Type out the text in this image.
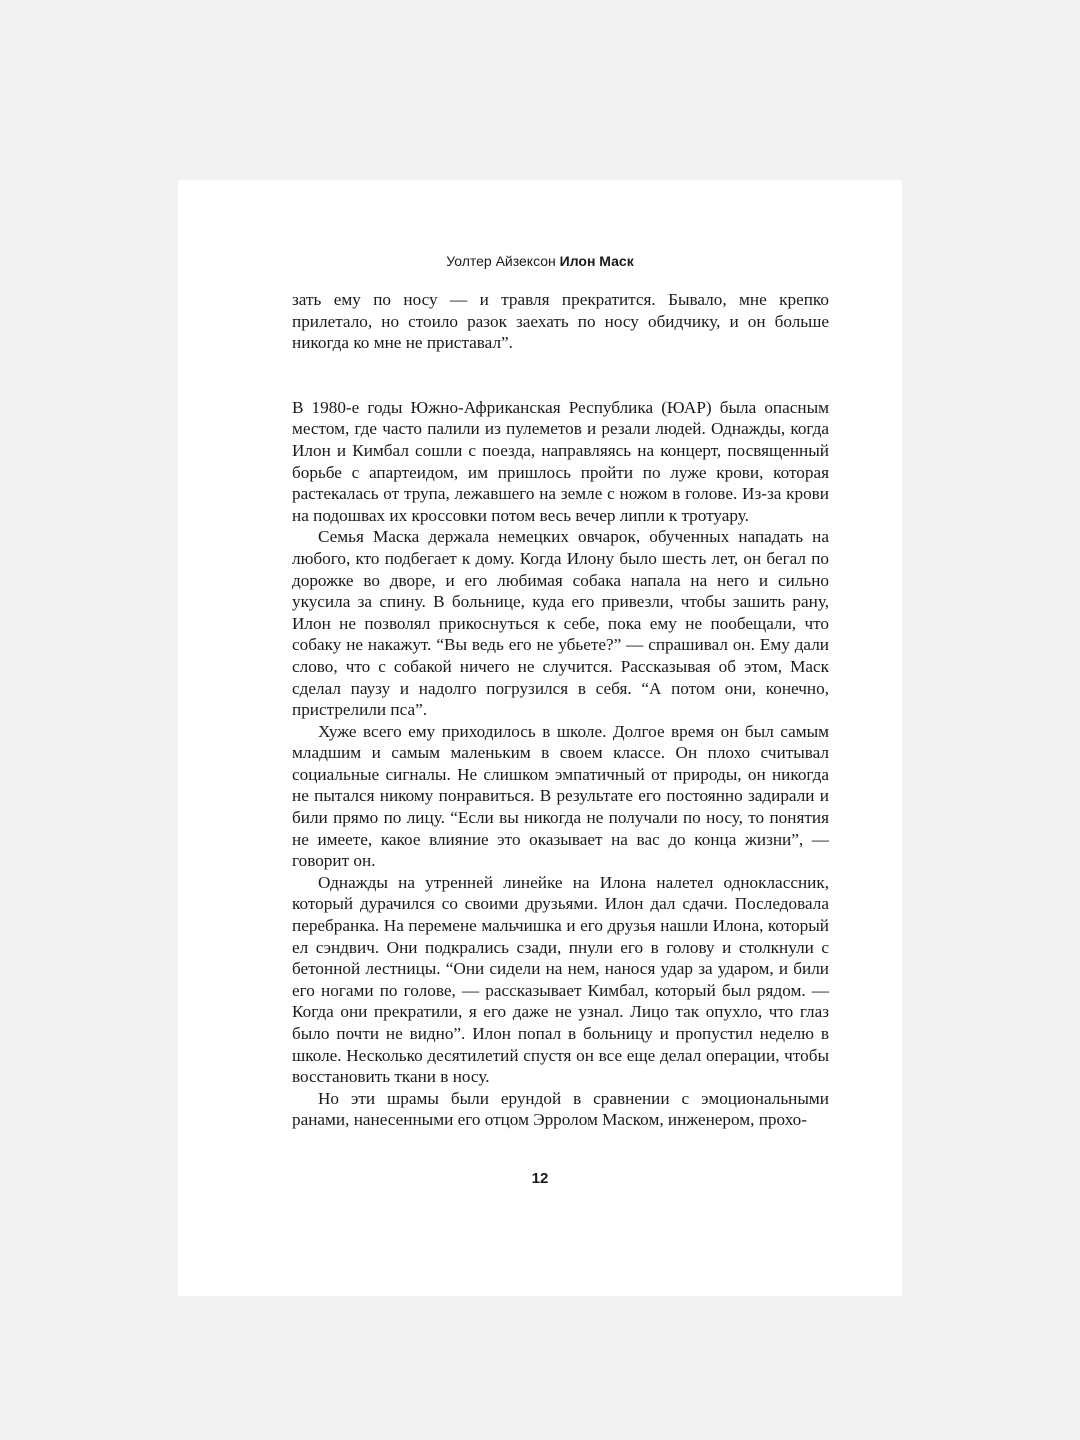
Уолтер Айзексон Илон Маск

зать ему по носу — и травля прекратится. Бывало, мне крепко прилетало, но стоило разок заехать по носу обидчику, и он больше никогда ко мне не приставал”.

В 1980-е годы Южно-Африканская Республика (ЮАР) была опасным местом, где часто палили из пулеметов и резали людей. Однажды, когда Илон и Кимбал сошли с поезда, направляясь на концерт, посвященный борьбе с апартеидом, им пришлось пройти по луже крови, которая растекалась от трупа, лежавшего на земле с ножом в голове. Из-за крови на подошвах их кроссовки потом весь вечер липли к тротуару.

Семья Маска держала немецких овчарок, обученных нападать на любого, кто подбегает к дому. Когда Илону было шесть лет, он бегал по дорожке во дворе, и его любимая собака напала на него и сильно укусила за спину. В больнице, куда его привезли, чтобы зашить рану, Илон не позволял прикоснуться к себе, пока ему не пообещали, что собаку не накажут. “Вы ведь его не убьете?” — спрашивал он. Ему дали слово, что с собакой ничего не случится. Рассказывая об этом, Маск сделал паузу и надолго погрузился в себя. “А потом они, конечно, пристрелили пса”.

Хуже всего ему приходилось в школе. Долгое время он был самым младшим и самым маленьким в своем классе. Он плохо считывал социальные сигналы. Не слишком эмпатичный от природы, он никогда не пытался никому понравиться. В результате его постоянно задирали и били прямо по лицу. “Если вы никогда не получали по носу, то понятия не имеете, какое влияние это оказывает на вас до конца жизни”, — говорит он.

Однажды на утренней линейке на Илона налетел одноклассник, который дурачился со своими друзьями. Илон дал сдачи. Последовала перебранка. На перемене мальчишка и его друзья нашли Илона, который ел сэндвич. Они подкрались сзади, пнули его в голову и столкнули с бетонной лестницы. “Они сидели на нем, нанося удар за ударом, и били его ногами по голове, — рассказывает Кимбал, который был рядом. — Когда они прекратили, я его даже не узнал. Лицо так опухло, что глаз было почти не видно”. Илон попал в больницу и пропустил неделю в школе. Несколько десятилетий спустя он все еще делал операции, чтобы восстановить ткани в носу.

Но эти шрамы были ерундой в сравнении с эмоциональными ранами, нанесенными его отцом Эрролом Маском, инженером, прохо-

12
